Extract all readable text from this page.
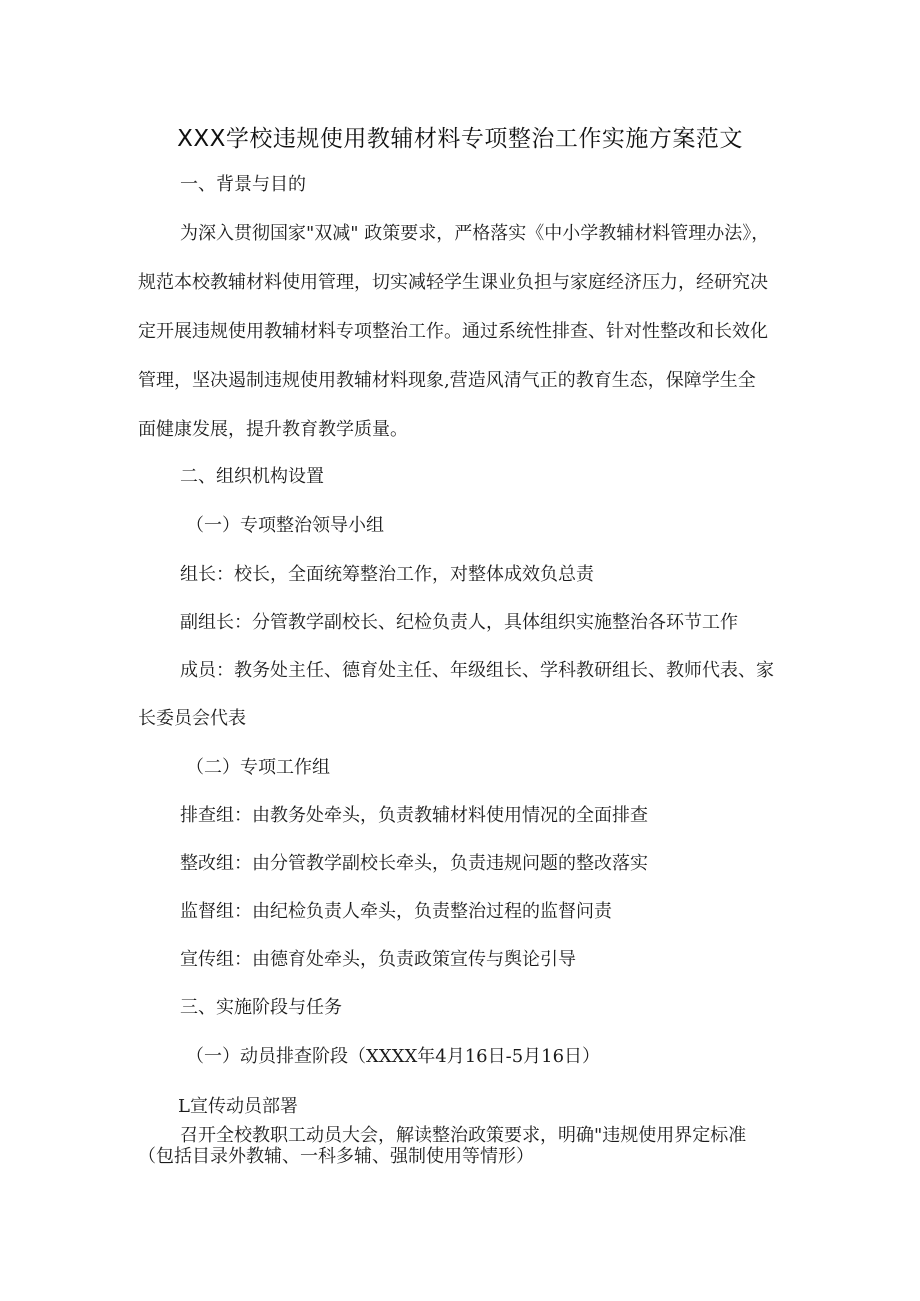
XXX学校违规使用教辅材料专项整治工作实施方案范文
一、背景与目的
为深入贯彻国家"双减" 政策要求，严格落实《中小学教辅材料管理办法》，
规范本校教辅材料使用管理，切实减轻学生课业负担与家庭经济压力，经研究决
定开展违规使用教辅材料专项整治工作。通过系统性排查、针对性整改和长效化
管理，坚决遏制违规使用教辅材料现象,营造风清气正的教育生态，保障学生全
面健康发展，提升教育教学质量。
二、组织机构设置
（一）专项整治领导小组
组长：校长，全面统筹整治工作，对整体成效负总责
副组长：分管教学副校长、纪检负责人，具体组织实施整治各环节工作
成员：教务处主任、德育处主任、年级组长、学科教研组长、教师代表、家
长委员会代表
（二）专项工作组
排查组：由教务处牵头，负责教辅材料使用情况的全面排查
整改组：由分管教学副校长牵头，负责违规问题的整改落实
监督组：由纪检负责人牵头，负责整治过程的监督问责
宣传组：由德育处牵头，负责政策宣传与舆论引导
三、实施阶段与任务
（一）动员排查阶段（XXXX年4月16日-5月16日）
L宣传动员部署
召开全校教职工动员大会，解读整治政策要求，明确"违规使用界定标准
（包括目录外教辅、一科多辅、强制使用等情形）
